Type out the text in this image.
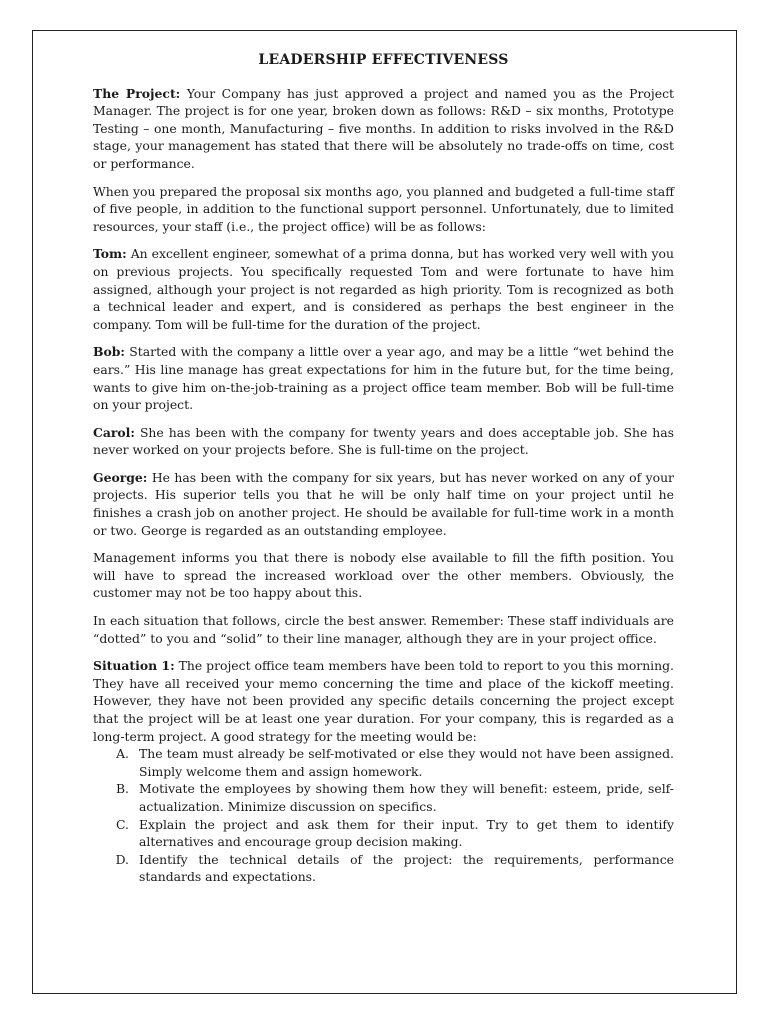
LEADERSHIP EFFECTIVENESS

The Project: Your Company has just approved a project and named you as the Project Manager. The project is for one year, broken down as follows: R&D – six months, Prototype Testing – one month, Manufacturing – five months. In addition to risks involved in the R&D stage, your management has stated that there will be absolutely no trade-offs on time, cost or performance.

When you prepared the proposal six months ago, you planned and budgeted a full-time staff of five people, in addition to the functional support personnel. Unfortunately, due to limited resources, your staff (i.e., the project office) will be as follows:

Tom: An excellent engineer, somewhat of a prima donna, but has worked very well with you on previous projects. You specifically requested Tom and were fortunate to have him assigned, although your project is not regarded as high priority. Tom is recognized as both a technical leader and expert, and is considered as perhaps the best engineer in the company. Tom will be full-time for the duration of the project.

Bob: Started with the company a little over a year ago, and may be a little “wet behind the ears.” His line manage has great expectations for him in the future but, for the time being, wants to give him on-the-job-training as a project office team member. Bob will be full-time on your project.

Carol: She has been with the company for twenty years and does acceptable job. She has never worked on your projects before. She is full-time on the project.

George: He has been with the company for six years, but has never worked on any of your projects. His superior tells you that he will be only half time on your project until he finishes a crash job on another project. He should be available for full-time work in a month or two. George is regarded as an outstanding employee.

Management informs you that there is nobody else available to fill the fifth position. You will have to spread the increased workload over the other members. Obviously, the customer may not be too happy about this.

In each situation that follows, circle the best answer. Remember: These staff individuals are “dotted” to you and “solid” to their line manager, although they are in your project office.

Situation 1: The project office team members have been told to report to you this morning. They have all received your memo concerning the time and place of the kickoff meeting. However, they have not been provided any specific details concerning the project except that the project will be at least one year duration. For your company, this is regarded as a long-term project. A good strategy for the meeting would be:

A. The team must already be self-motivated or else they would not have been assigned. Simply welcome them and assign homework.
B. Motivate the employees by showing them how they will benefit: esteem, pride, self-actualization. Minimize discussion on specifics.
C. Explain the project and ask them for their input. Try to get them to identify alternatives and encourage group decision making.
D. Identify the technical details of the project: the requirements, performance standards and expectations.
